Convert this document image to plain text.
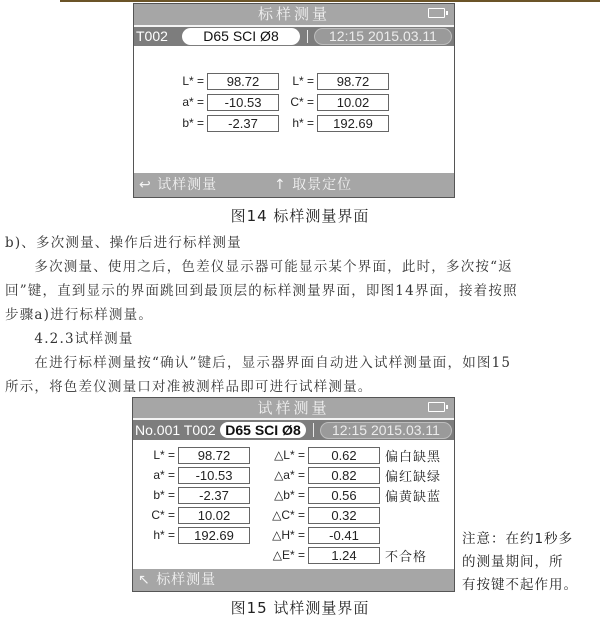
标样测量
T002	D65 SCI Ø8	12:15 2015.03.11
L* =	98.72	L* =	98.72
a* =	-10.53	C* =	10.02
b* =	-2.37	h* =	192.69
↩ 试样测量	↑ 取景定位
图14 标样测量界面
b)、多次测量、操作后进行标样测量
　　多次测量、使用之后，色差仪显示器可能显示某个界面，此时，多次按“返
回”键，直到显示的界面跳回到最顶层的标样测量界面，即图14界面，接着按照
步骤a)进行标样测量。
　　4.2.3试样测量
　　在进行标样测量按“确认”键后，显示器界面自动进入试样测量面，如图15
所示，将色差仪测量口对准被测样品即可进行试样测量。
试样测量
No.001 T002 D65 SCI Ø8	12:15 2015.03.11
L* =	98.72	△L* =	0.62	偏白缺黑
a* =	-10.53	△a* =	0.82	偏红缺绿
b* =	-2.37	△b* =	0.56	偏黄缺蓝
C* =	10.02	△C* =	0.32
h* =	192.69	△H* =	-0.41
△E* =	1.24	不合格
↖ 标样测量
注意：在约1秒多
的测量期间，所
有按键不起作用。
图15 试样测量界面
